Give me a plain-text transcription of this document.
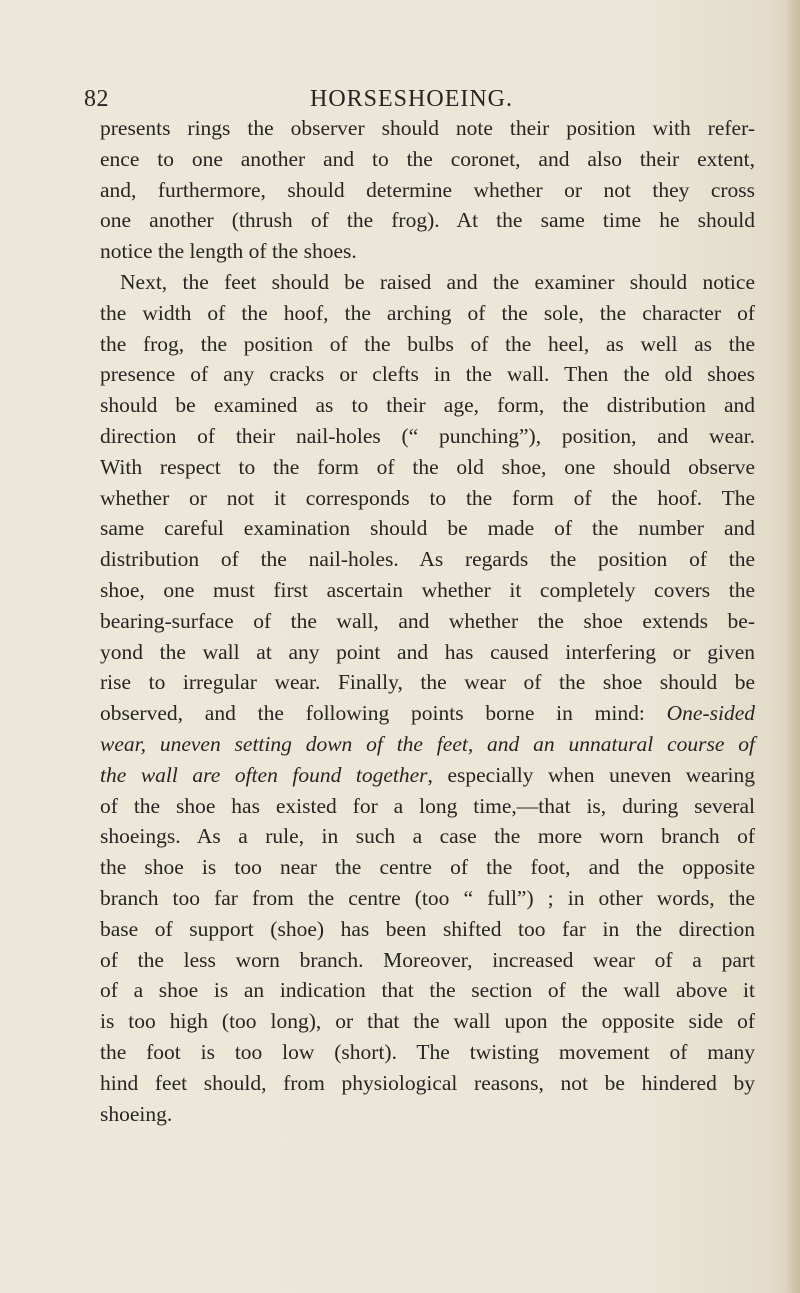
82	HORSESHOEING.
presents rings the observer should note their position with refer-
ence to one another and to the coronet, and also their extent,
and, furthermore, should determine whether or not they cross
one another (thrush of the frog). At the same time he should
notice the length of the shoes.
Next, the feet should be raised and the examiner should notice
the width of the hoof, the arching of the sole, the character of
the frog, the position of the bulbs of the heel, as well as the
presence of any cracks or clefts in the wall. Then the old shoes
should be examined as to their age, form, the distribution and
direction of their nail-holes (“ punching”), position, and wear.
With respect to the form of the old shoe, one should observe
whether or not it corresponds to the form of the hoof. The
same careful examination should be made of the number and
distribution of the nail-holes. As regards the position of the
shoe, one must first ascertain whether it completely covers the
bearing-surface of the wall, and whether the shoe extends be-
yond the wall at any point and has caused interfering or given
rise to irregular wear. Finally, the wear of the shoe should be
observed, and the following points borne in mind: One-sided
wear, uneven setting down of the feet, and an unnatural course of
the wall are often found together, especially when uneven wearing
of the shoe has existed for a long time,—that is, during several
shoeings. As a rule, in such a case the more worn branch of
the shoe is too near the centre of the foot, and the opposite
branch too far from the centre (too “ full”) ; in other words, the
base of support (shoe) has been shifted too far in the direction
of the less worn branch. Moreover, increased wear of a part
of a shoe is an indication that the section of the wall above it
is too high (too long), or that the wall upon the opposite side of
the foot is too low (short). The twisting movement of many
hind feet should, from physiological reasons, not be hindered by
shoeing.
